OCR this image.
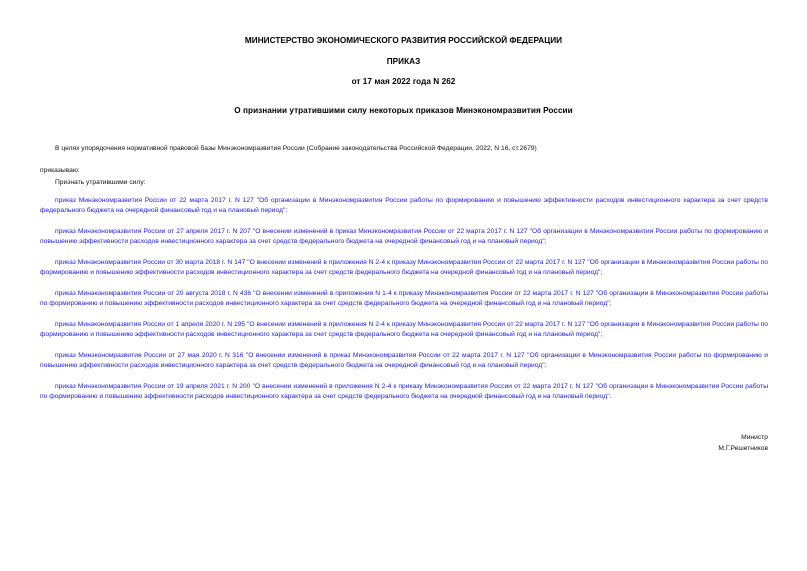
МИНИСТЕРСТВО ЭКОНОМИЧЕСКОГО РАЗВИТИЯ РОССИЙСКОЙ ФЕДЕРАЦИИ
ПРИКАЗ
от 17 мая 2022 года N 262
О признании утратившими силу некоторых приказов Минэкономразвития России
В целях упорядочения нормативной правовой базы Минэкономразвития России (Собрание законодательства Российской Федерации, 2022, N 16, ст.2679)
приказываю:
Признать утратившими силу:
приказ Минэкономразвития России от 22 марта 2017 г. N 127 "Об организации в Минэкономразвития России работы по формированию и повышению эффективности расходов инвестиционного характера за счет средств федерального бюджета на очередной финансовый год и на плановый период";
приказ Минэкономразвития России от 27 апреля 2017 г. N 207 "О внесении изменений в приказ Минэкономразвития России от 22 марта 2017 г. N 127 "Об организации в Минэкономразвития России работы по формированию и повышению эффективности расходов инвестиционного характера за счет средств федерального бюджета на очередной финансовый год и на плановый период";
приказ Минэкономразвития России от 30 марта 2018 г. N 147 "О внесении изменений в приложения N 2-4 к приказу Минэкономразвития России от 22 марта 2017 г. N 127 "Об организации в Минэкономразвития России работы по формированию и повышению эффективности расходов инвестиционного характера за счет средств федерального бюджета на очередной финансовый год и на плановый период";
приказ Минэкономразвития России от 20 августа 2018 г. N 436 "О внесении изменений в приложения N 1-4 к приказу Минэкономразвития России от 22 марта 2017 г. N 127 "Об организации в Минэкономразвития России работы по формированию и повышению эффективности расходов инвестиционного характера за счет средств федерального бюджета на очередной финансовый год и на плановый период";
приказ Минэкономразвития России от 1 апреля 2020 г. N 195 "О внесении изменений в приложения N 2-4 к приказу Минэкономразвития России от 22 марта 2017 г. N 127 "Об организации в Минэкономразвития России работы по формированию и повышению эффективности расходов инвестиционного характера за счет средств федерального бюджета на очередной финансовый год и на плановый период";
приказ Минэкономразвития России от 27 мая 2020 г. N 316 "О внесении изменений в приказ Минэкономразвития России от 22 марта 2017 г. N 127 "Об организации в Минэкономразвития России работы по формированию и повышению эффективности расходов инвестиционного характера за счет средств федерального бюджета на очередной финансовый год и на плановый период";
приказ Минэкономразвития России от 19 апреля 2021 г. N 200 "О внесении изменений в приложения N 2-4 к приказу Минэкономразвития России от 22 марта 2017 г. N 127 "Об организации в Минэкономразвития России работы по формированию и повышению эффективности расходов инвестиционного характера за счет средств федерального бюджета на очередной финансовый год и на плановый период".
Министр
М.Г.Решетников
